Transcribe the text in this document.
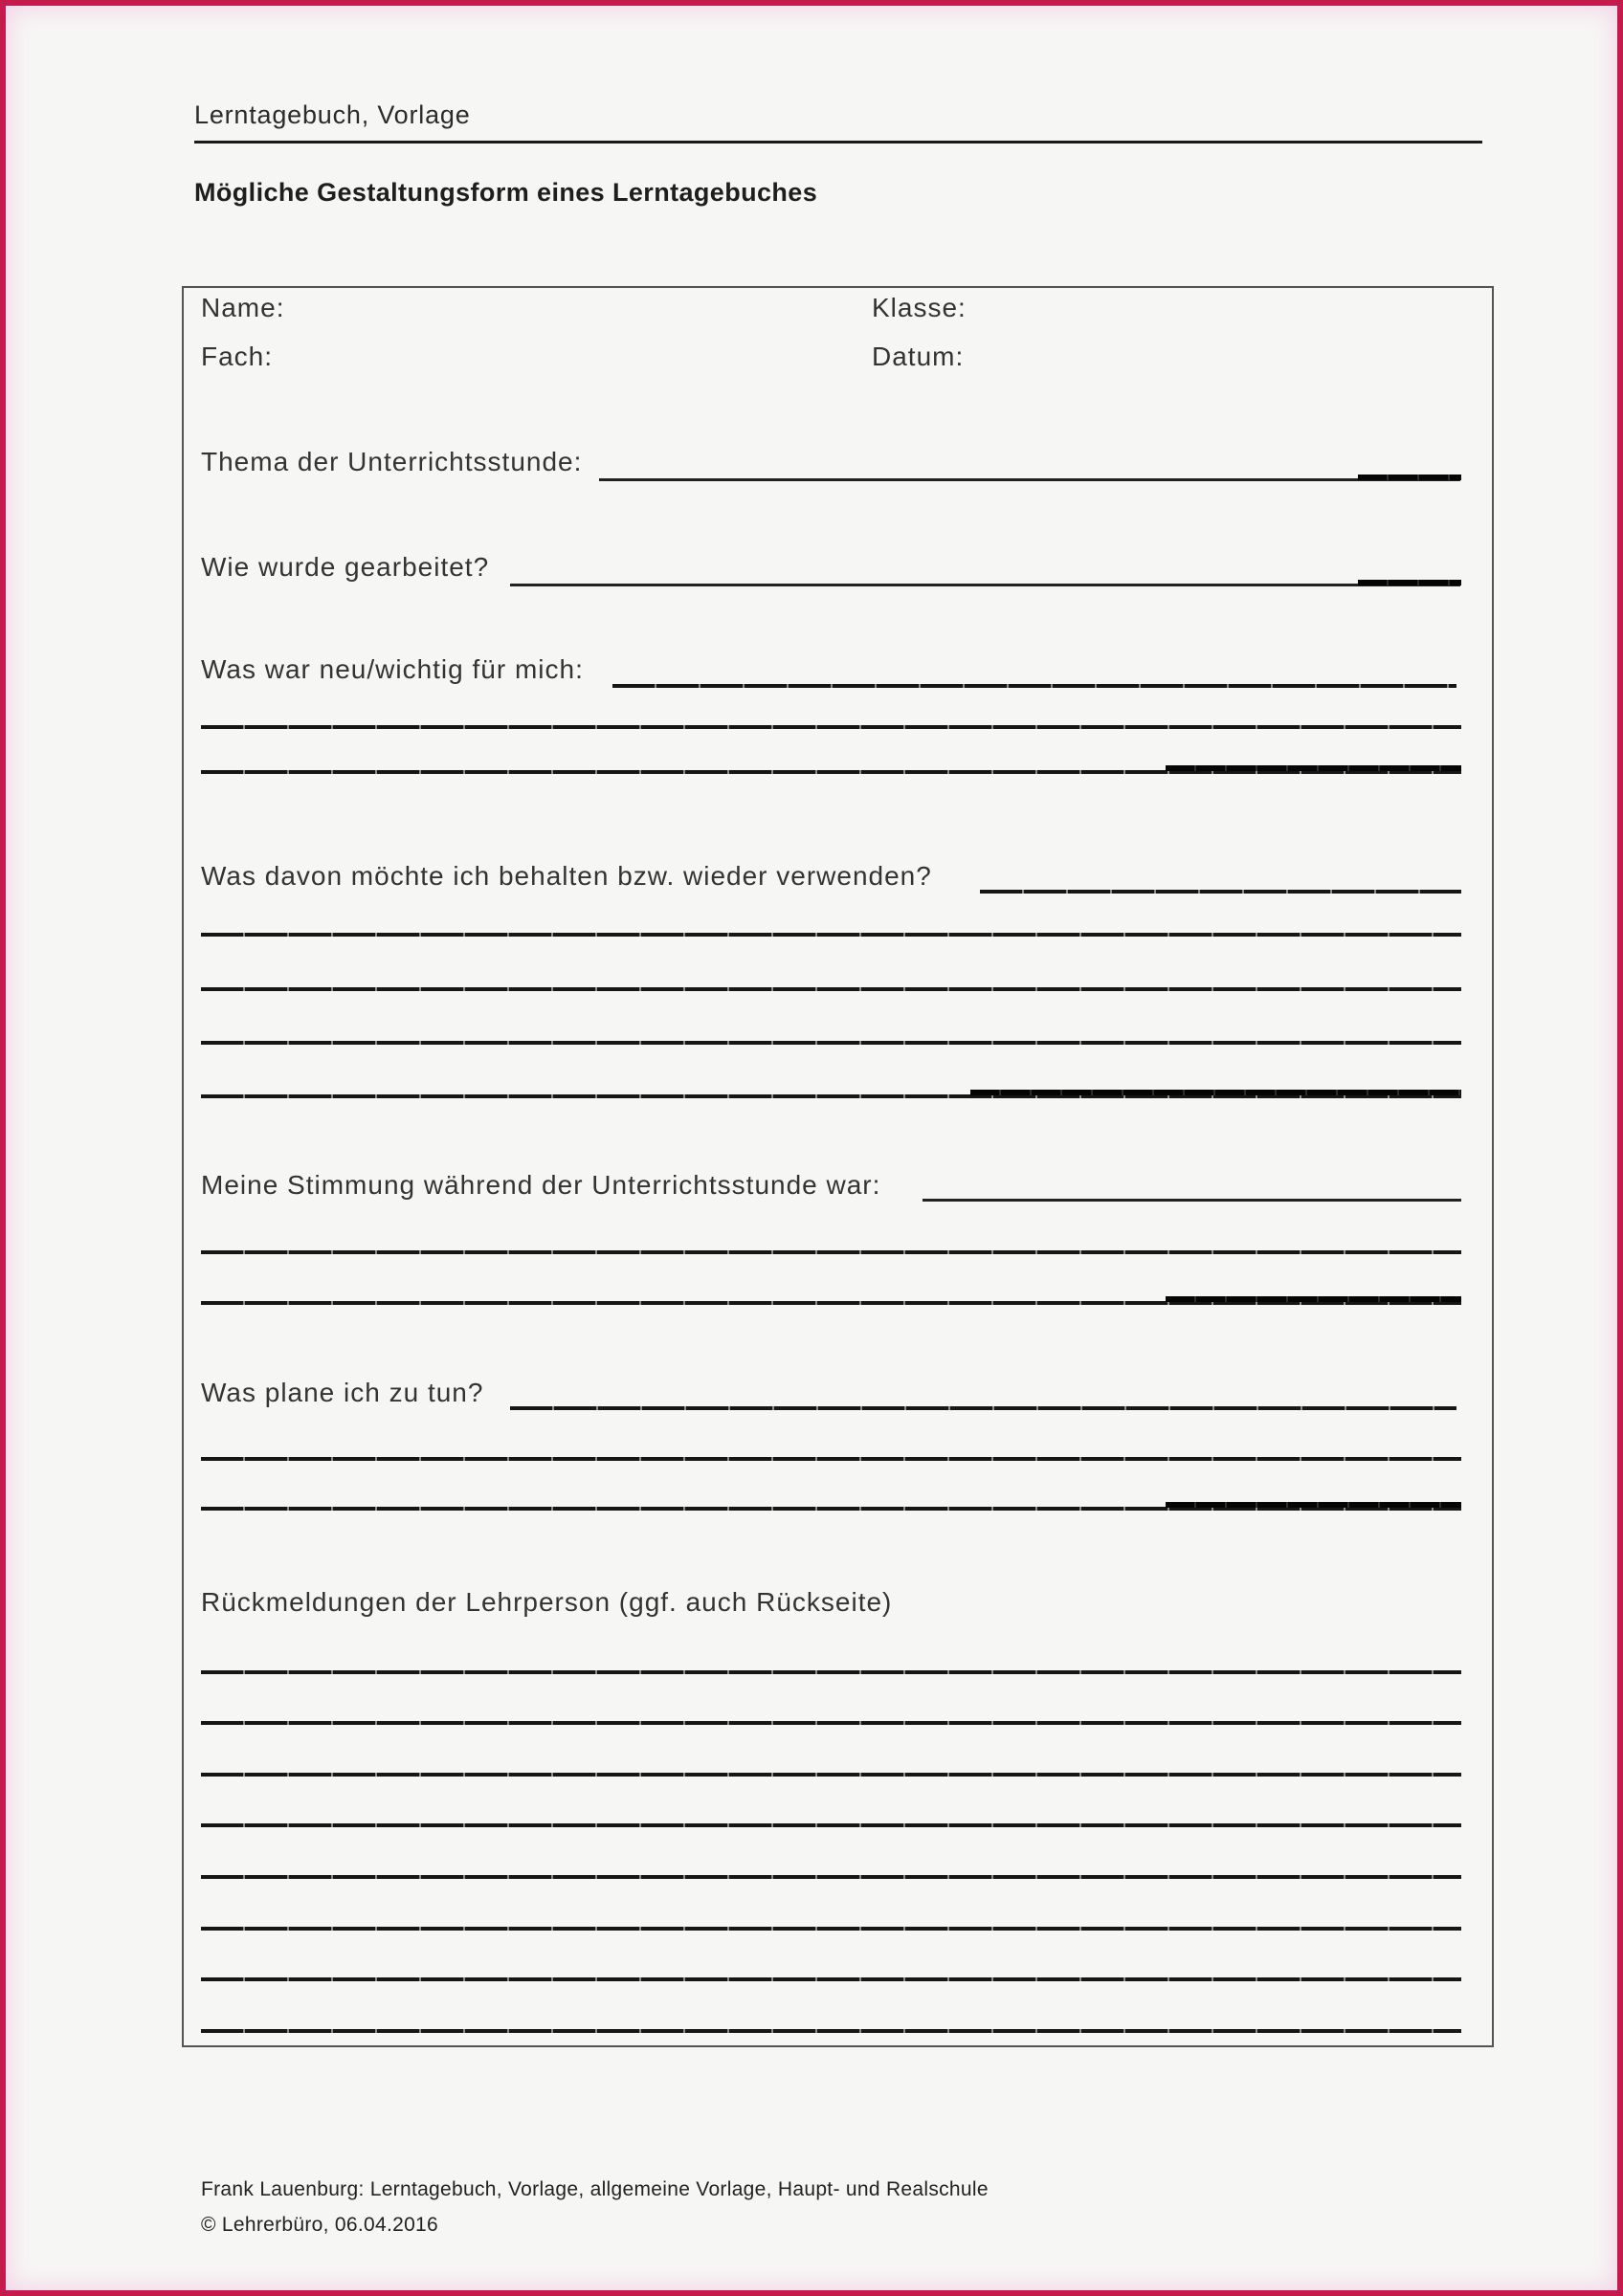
Lerntagebuch, Vorlage
Mögliche Gestaltungsform eines Lerntagebuches
Name:	Klasse:
Fach:	Datum:
Thema der Unterrichtsstunde:
Wie wurde gearbeitet?
Was war neu/wichtig für mich:
Was davon möchte ich behalten bzw. wieder verwenden?
Meine Stimmung während der Unterrichtsstunde war:
Was plane ich zu tun?
Rückmeldungen der Lehrperson (ggf. auch Rückseite)
Frank Lauenburg: Lerntagebuch, Vorlage, allgemeine Vorlage, Haupt- und Realschule
© Lehrerbüro, 06.04.2016
